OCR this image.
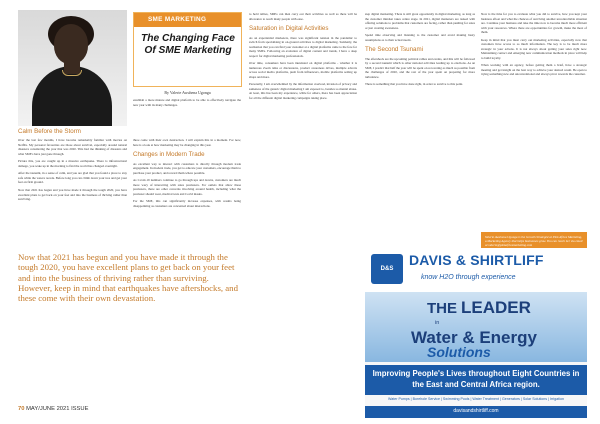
Calm Before the Storm

Over the last few months, I have become remarkably familiar with movies on Netflix. My personal favourites are those about survival, especially around natural disasters considering the year that was 2020. This had me thinking of disasters and what SME's have just gone through.

Picture this, you are caught up in a massive earthquake. There is infrastructural damage, you wake up in the morning to find the world has changed overnight.

After the tsunami, in a sense of calm, and you are glad that you found a place to stay safe while the waters recede. Before long you can climb down your tree and get your feet on firm ground.

Now that 2021 has begun and you have made it through the tough 2020, you have excellent plans to get back on your feet and into the business of thriving rather than surviving.

SME MARKETING
The Changing Face Of SME Marketing
By Valerie Awuhena Ugonga

establish a more mature and digital platform to be able to effectively navigate the new year with its many challenges.

three come with their own destruction. I will explain this in a moment. For now, here is a look at how marketing may be changing in this year.

Changes in Modern Trade

As excellent way to interact with customers is directly through modern trade engagement. In modern trade, you get to educate your customers, encourage them to purchase your product, and reward them where possible.

As Covid-19 numbers continue to go through ups and downs, customers are much more wary of interacting with sales promoters. For outlets that allow these promoters, there are other concerns involving around health, including what the promoter should wear, medical tests and Covid masks.

For the SME, this can significantly increase expenses, with results being disappointing as customers are concerned about interactions.

Now that 2021 has begun and you have made it through the tough 2020, you have excellent plans to get back on your feet and into the business of thriving rather than surviving. However, keep in mind that earthquakes have aftershocks, and these come with their own devastation.

to hold rallies, SMEs can then carry out their activities as well as there will be allowance to reach many people with ease.

Saturation in Digital Activities

As an experiential marketers, there was significant tension in the pandemic to switch from specialising in on-ground activities to digital marketing. Suddenly, the realisation that you can find your customer at a digital platforms came to the fore for many SMEs. Following an evolution of digital content and trends, I have a deep respect for digital marketing professionals.

Over time, consumers have been inundated on digital platforms - whether it is numerous Zoom talks or discussions, product awareness drives, multiple adverts across social media platforms, push from influencers, mobile platforms setting up shops and more.

Personally, I am overwhelmed by the information overload, invasion of privacy and sameness of the generic digital marketing I am exposed to, besides so mental abuse. At least, this has been my experience, while for others, there has been appreciation for all the different digital marketing campaigns taking place.

step digital marketing. There is still great opportunity in digital marketing, as long as the customer mindset takes centre stage. In 2021, digital marketers are tasked with offering solutions to problems that customers are facing, rather than pushing for sales or just creating awareness.

Spend time observing and listening to the customer and avoid making hasty assumptions as to their actual needs.

The Second Tsunami

The aftershock are the upcoming political rallies and events, and this will be followed by a second tsunami which is other national activities leading up to elections. As an SME, I predict that half the year will be spent on recovering as much as possible from the challenges of 2020, and the rest of the year spent on preparing for more turbulence.

There is something that you have done right, in order to survive to this point.

Now is the time for you to evaluate what you did to survive, how you kept your business afloat and what the chances of surviving another uncontrollable situation are. Continue your business and take the time now to become much more efficient with your resources. Where there are opportunities for growth, make the most of them.

Keep in mind that you must carry out marketing activities, especially now that customers have access to so much information. The key is to be much more strategic in your actions. It is not always about getting your sales right now. Maintaining contact and emerging new communication methods in place will help to build loyalty.

When working with an agency, before getting them a brief, have a strategic meeting and get insight on the best way to achieve your desired result. Be open to trying something new and unconventional and always pivot towards the customer.

Valerie Awuhena Ugonga is the Growth Strategist at Pink Africa Marketing, a Marketing Agency that helps businesses grow. You can reach her via email at valerie@pinkafricamarketing.com
D&S
DAVIS & SHIRTLIFF
know H2O through experience
THE LEADER
in
Water & Energy
Solutions
Improving People's Lives throughout Eight Countries in the East and Central Africa region.
Water Pumps | Borehole Service | Swimming Pools | Water Treatment | Generators | Solar Solutions | Irrigation
davisandshirtliff.com
70 MAY/JUNE 2021 ISSUE
